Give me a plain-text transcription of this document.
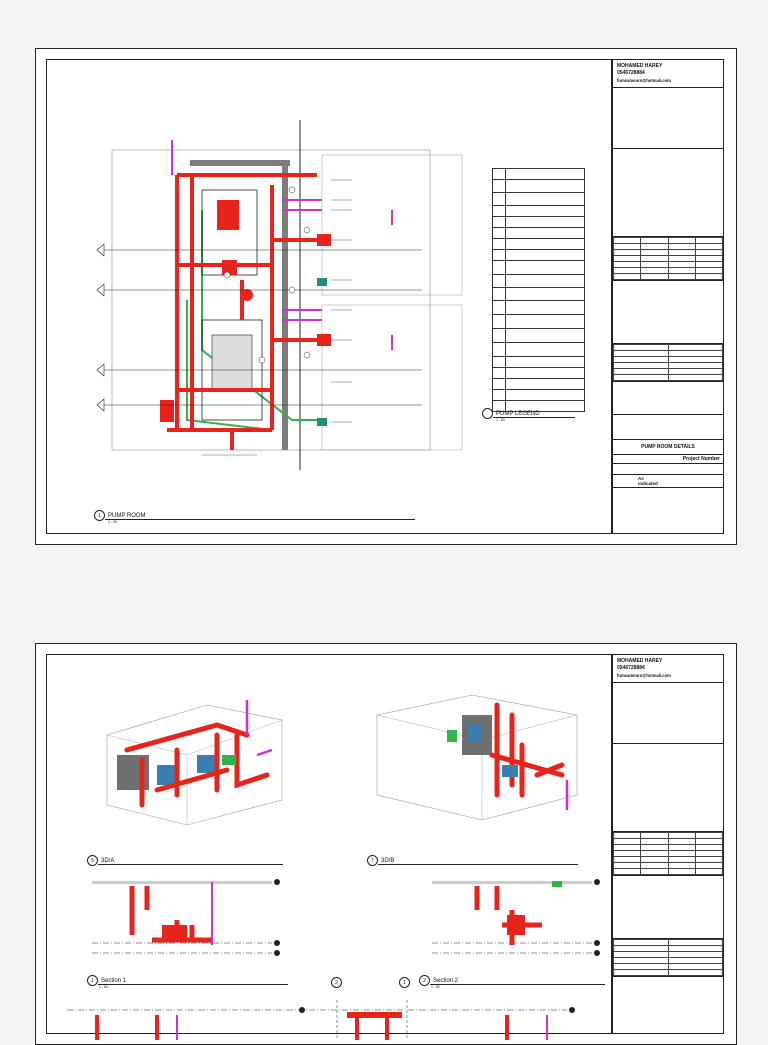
PUMP LEGEND
1 : 50
1	PUMP ROOM
1 : 25
MOHAMED HAREY
0546728884
fumsamours@hotmail.com

PUMP ROOM DETAILS
Project Number
As indicated
5	3D/A	7	3D/B
1	Section 1
1 : 50
2	Section 2
1 : 50
2	1
MOHAMED HAREY
0546728884
fumsamours@hotmail.com
